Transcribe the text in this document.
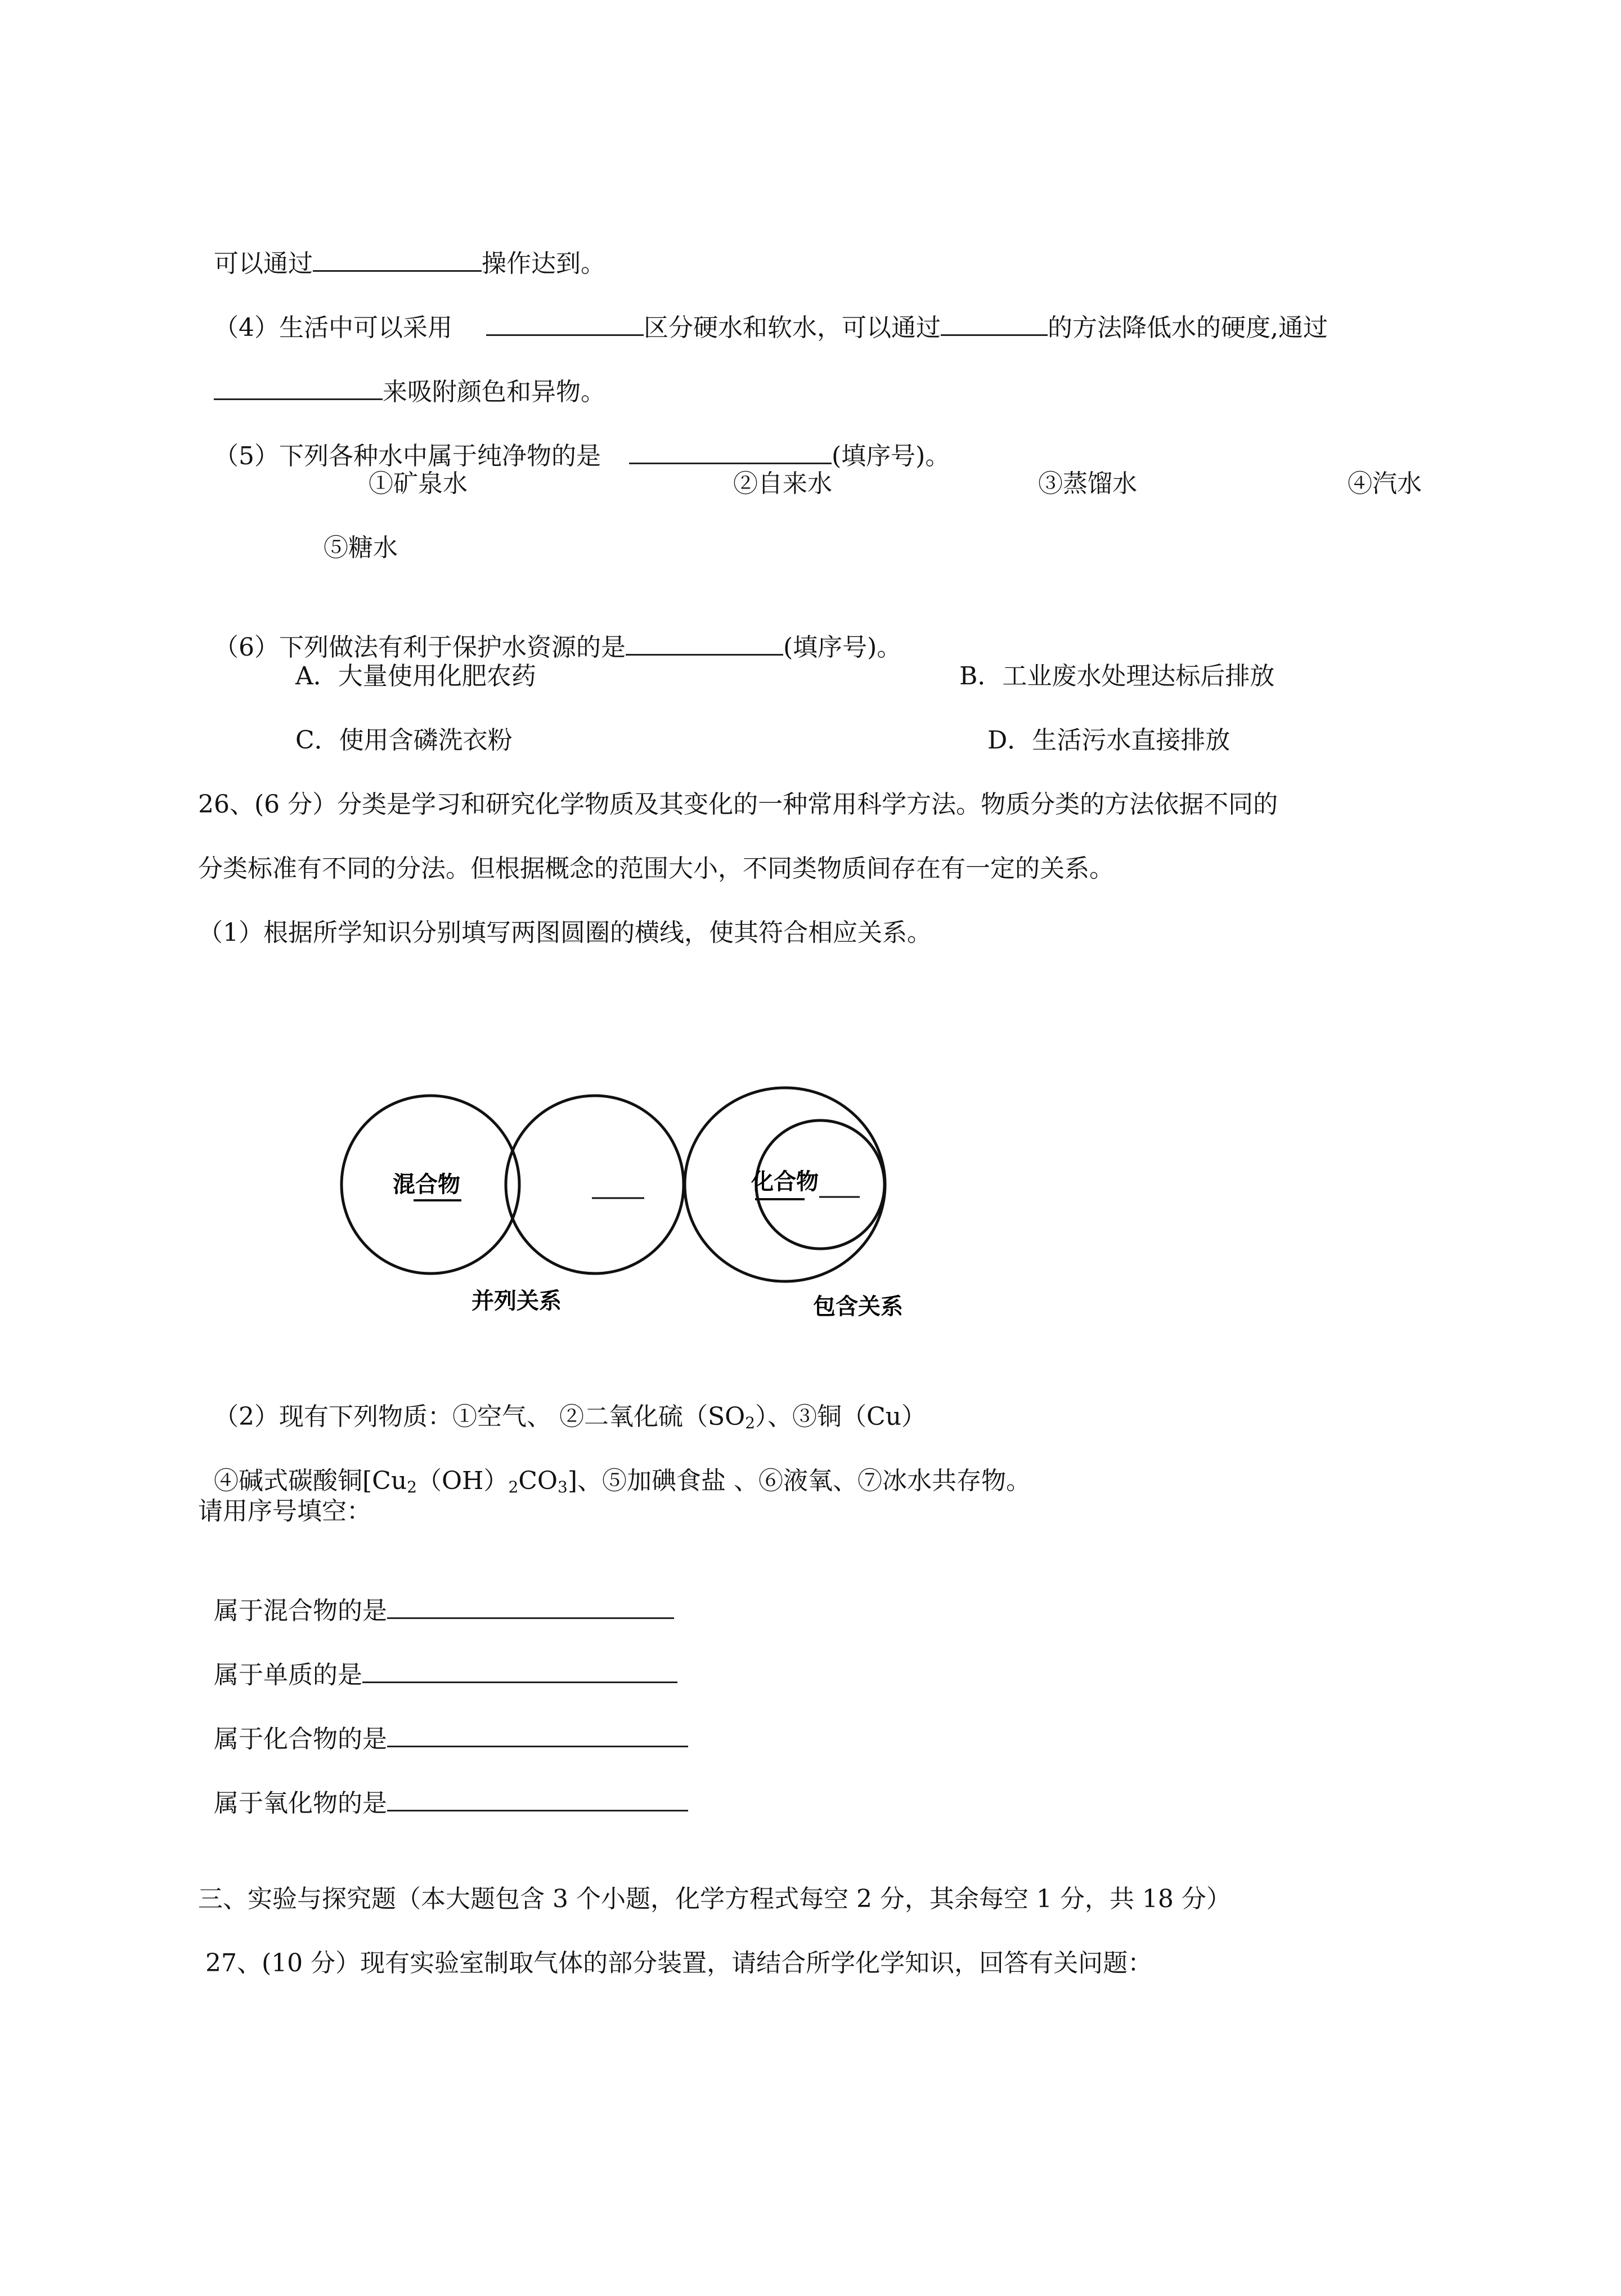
可以通过	操作达到。

（4）生活中可以采用	区分硬水和软水，可以通过	的方法降低水的硬度,通过

来吸附颜色和异物。

（5）下列各种水中属于纯净物的是	(填序号)。

①矿泉水	②自来水	③蒸馏水	④汽水
⑤糖水

（6）下列做法有利于保护水资源的是	(填序号)。

A．大量使用化肥农药	B．工业废水处理达标后排放
C．使用含磷洗衣粉	D．生活污水直接排放
26、(6 分）分类是学习和研究化学物质及其变化的一种常用科学方法。物质分类的方法依据不同的
分类标准有不同的分法。但根据概念的范围大小，不同类物质间存在有一定的关系。
（1）根据所学知识分别填写两图圆圈的横线，使其符合相应关系。
混合物
并列关系
化合物
包含关系

（2）现有下列物质：①空气、 ②二氧化硫$(SO_2)$、③铜（Cu）

④碱式碳酸铜$[Cu_2(OH)_2CO_3]$、⑤加碘食盐 、⑥液氧、⑦冰水共存物。

请用序号填空：

属于混合物的是

属于单质的是

属于化合物的是

属于氧化物的是

三、实验与探究题（本大题包含 3 个小题，化学方程式每空 2 分，其余每空 1 分，共 18 分）
27、(10 分）现有实验室制取气体的部分装置，请结合所学化学知识，回答有关问题：
